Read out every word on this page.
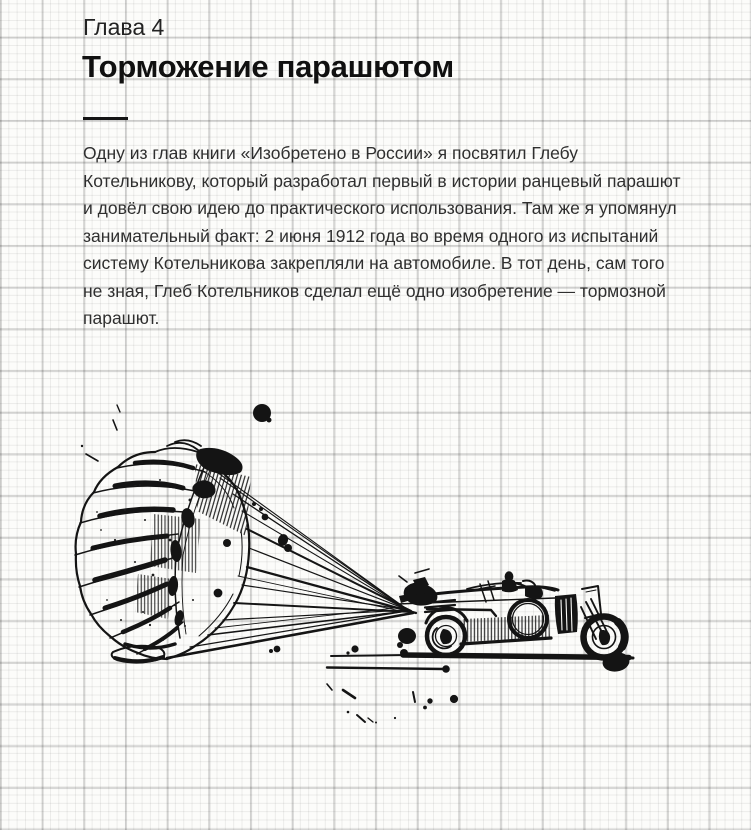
Глава 4
Торможение парашютом
Одну из глав книги «Изобретено в России» я посвятил Глебу
Котельникову, который разработал первый в истории ранцевый парашют
и довёл свою идею до практического использования. Там же я упомянул
занимательный факт: 2 июня 1912 года во время одного из испытаний
систему Котельникова закрепляли на автомобиле. В тот день, сам того
не зная, Глеб Котельников сделал ещё одно изобретение — тормозной
парашют.
